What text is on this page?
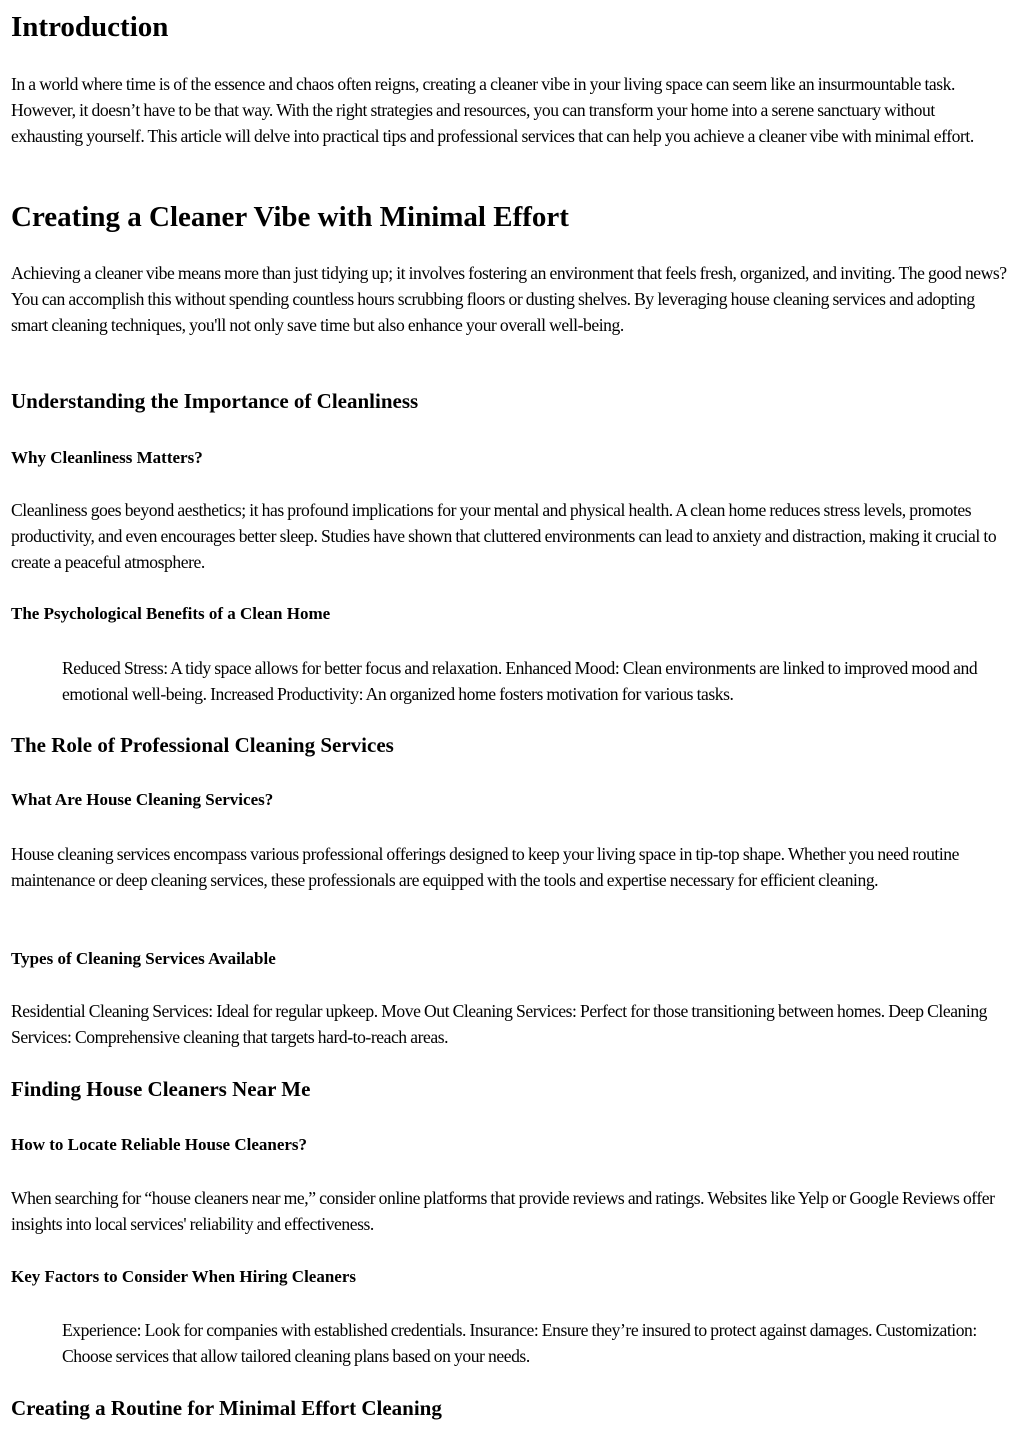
Introduction

In a world where time is of the essence and chaos often reigns, creating a cleaner vibe in your living space can seem like an insurmountable task. However, it doesn’t have to be that way. With the right strategies and resources, you can transform your home into a serene sanctuary without exhausting yourself. This article will delve into practical tips and professional services that can help you achieve a cleaner vibe with minimal effort.

Creating a Cleaner Vibe with Minimal Effort

Achieving a cleaner vibe means more than just tidying up; it involves fostering an environment that feels fresh, organized, and inviting. The good news? You can accomplish this without spending countless hours scrubbing floors or dusting shelves. By leveraging house cleaning services and adopting smart cleaning techniques, you'll not only save time but also enhance your overall well-being.

Understanding the Importance of Cleanliness
Why Cleanliness Matters?

Cleanliness goes beyond aesthetics; it has profound implications for your mental and physical health. A clean home reduces stress levels, promotes productivity, and even encourages better sleep. Studies have shown that cluttered environments can lead to anxiety and distraction, making it crucial to create a peaceful atmosphere.

The Psychological Benefits of a Clean Home

Reduced Stress: A tidy space allows for better focus and relaxation. Enhanced Mood: Clean environments are linked to improved mood and emotional well-being. Increased Productivity: An organized home fosters motivation for various tasks.

The Role of Professional Cleaning Services
What Are House Cleaning Services?

House cleaning services encompass various professional offerings designed to keep your living space in tip-top shape. Whether you need routine maintenance or deep cleaning services, these professionals are equipped with the tools and expertise necessary for efficient cleaning.

Types of Cleaning Services Available

Residential Cleaning Services: Ideal for regular upkeep. Move Out Cleaning Services: Perfect for those transitioning between homes. Deep Cleaning Services: Comprehensive cleaning that targets hard-to-reach areas.

Finding House Cleaners Near Me
How to Locate Reliable House Cleaners?

When searching for “house cleaners near me,” consider online platforms that provide reviews and ratings. Websites like Yelp or Google Reviews offer insights into local services' reliability and effectiveness.

Key Factors to Consider When Hiring Cleaners

Experience: Look for companies with established credentials. Insurance: Ensure they’re insured to protect against damages. Customization: Choose services that allow tailored cleaning plans based on your needs.

Creating a Routine for Minimal Effort Cleaning
